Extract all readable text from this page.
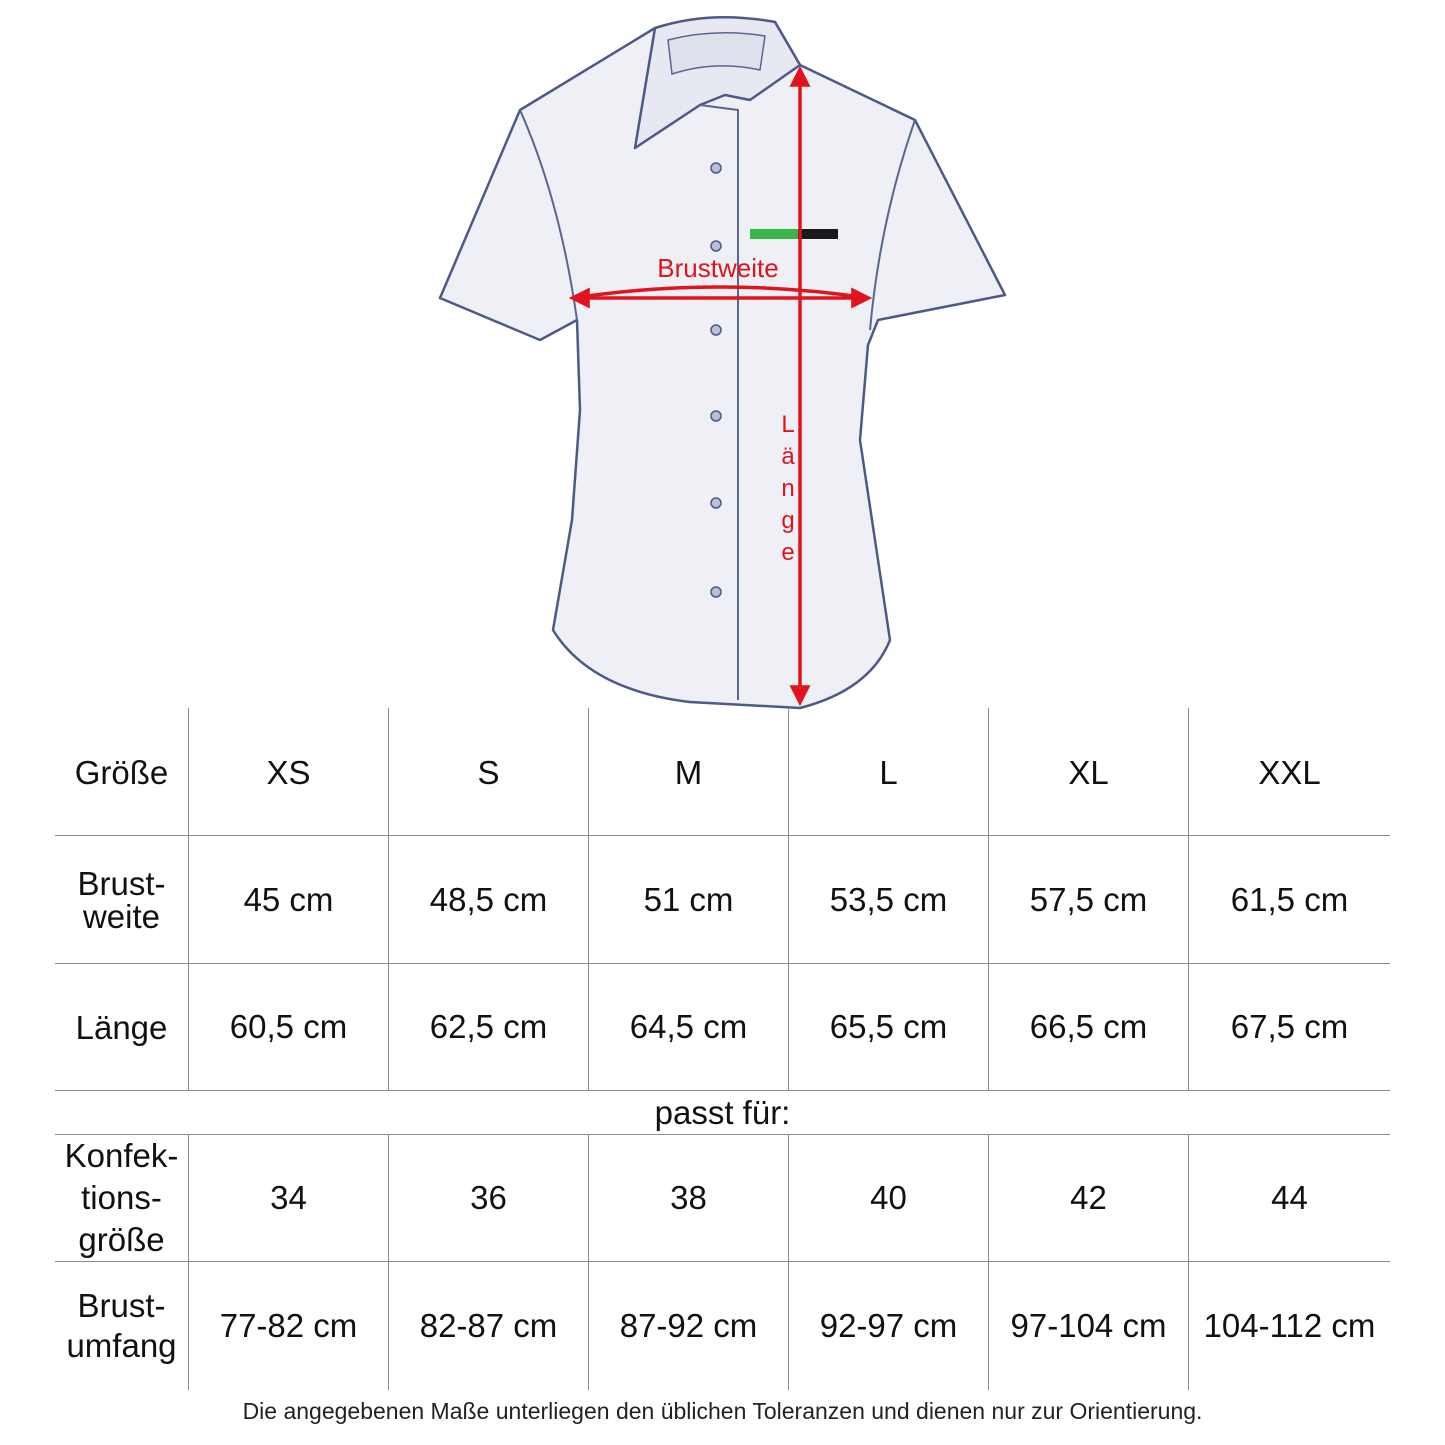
Brustweite
L
ä
n
g
e
Größe	XS	S	M	L	XL	XXL
Brust-
weite	45 cm	48,5 cm	51 cm	53,5 cm	57,5 cm	61,5 cm
Länge	60,5 cm	62,5 cm	64,5 cm	65,5 cm	66,5 cm	67,5 cm
passt für:
Konfek-
tions-
größe
34	36	38	40	42	44
Brust-
umfang
77-82 cm	82-87 cm	87-92 cm	92-97 cm	97-104 cm	104-112 cm
Die angegebenen Maße unterliegen den üblichen Toleranzen und dienen nur zur Orientierung.
